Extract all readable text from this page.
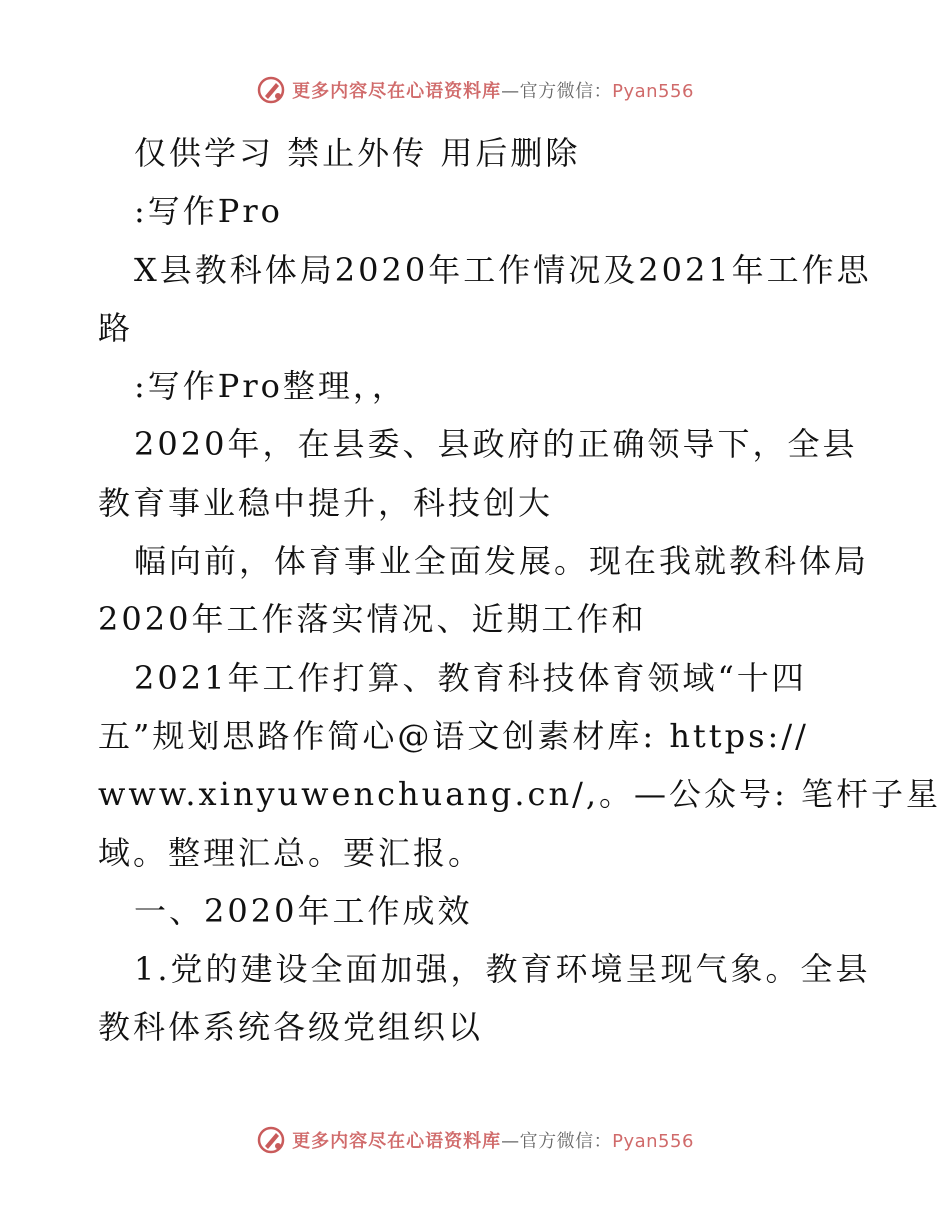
更多内容尽在心语资料库—官方微信：Pyan556
仅供学习 禁止外传 用后删除
:写作Pro
X县教科体局2020年工作情况及2021年工作思
路
:写作Pro整理，，
2020年，在县委、县政府的正确领导下，全县
教育事业稳中提升，科技创大
幅向前，体育事业全面发展。现在我就教科体局
2020年工作落实情况、近期工作和
2021年工作打算、教育科技体育领域“十四
五”规划思路作简心@语文创素材库: https://
www.xinyuwenchuang.cn/,。—公众号: 笔杆子星
域。整理汇总。要汇报。
一、2020年工作成效
1.党的建设全面加强，教育环境呈现气象。全县
教科体系统各级党组织以
更多内容尽在心语资料库—官方微信：Pyan556
